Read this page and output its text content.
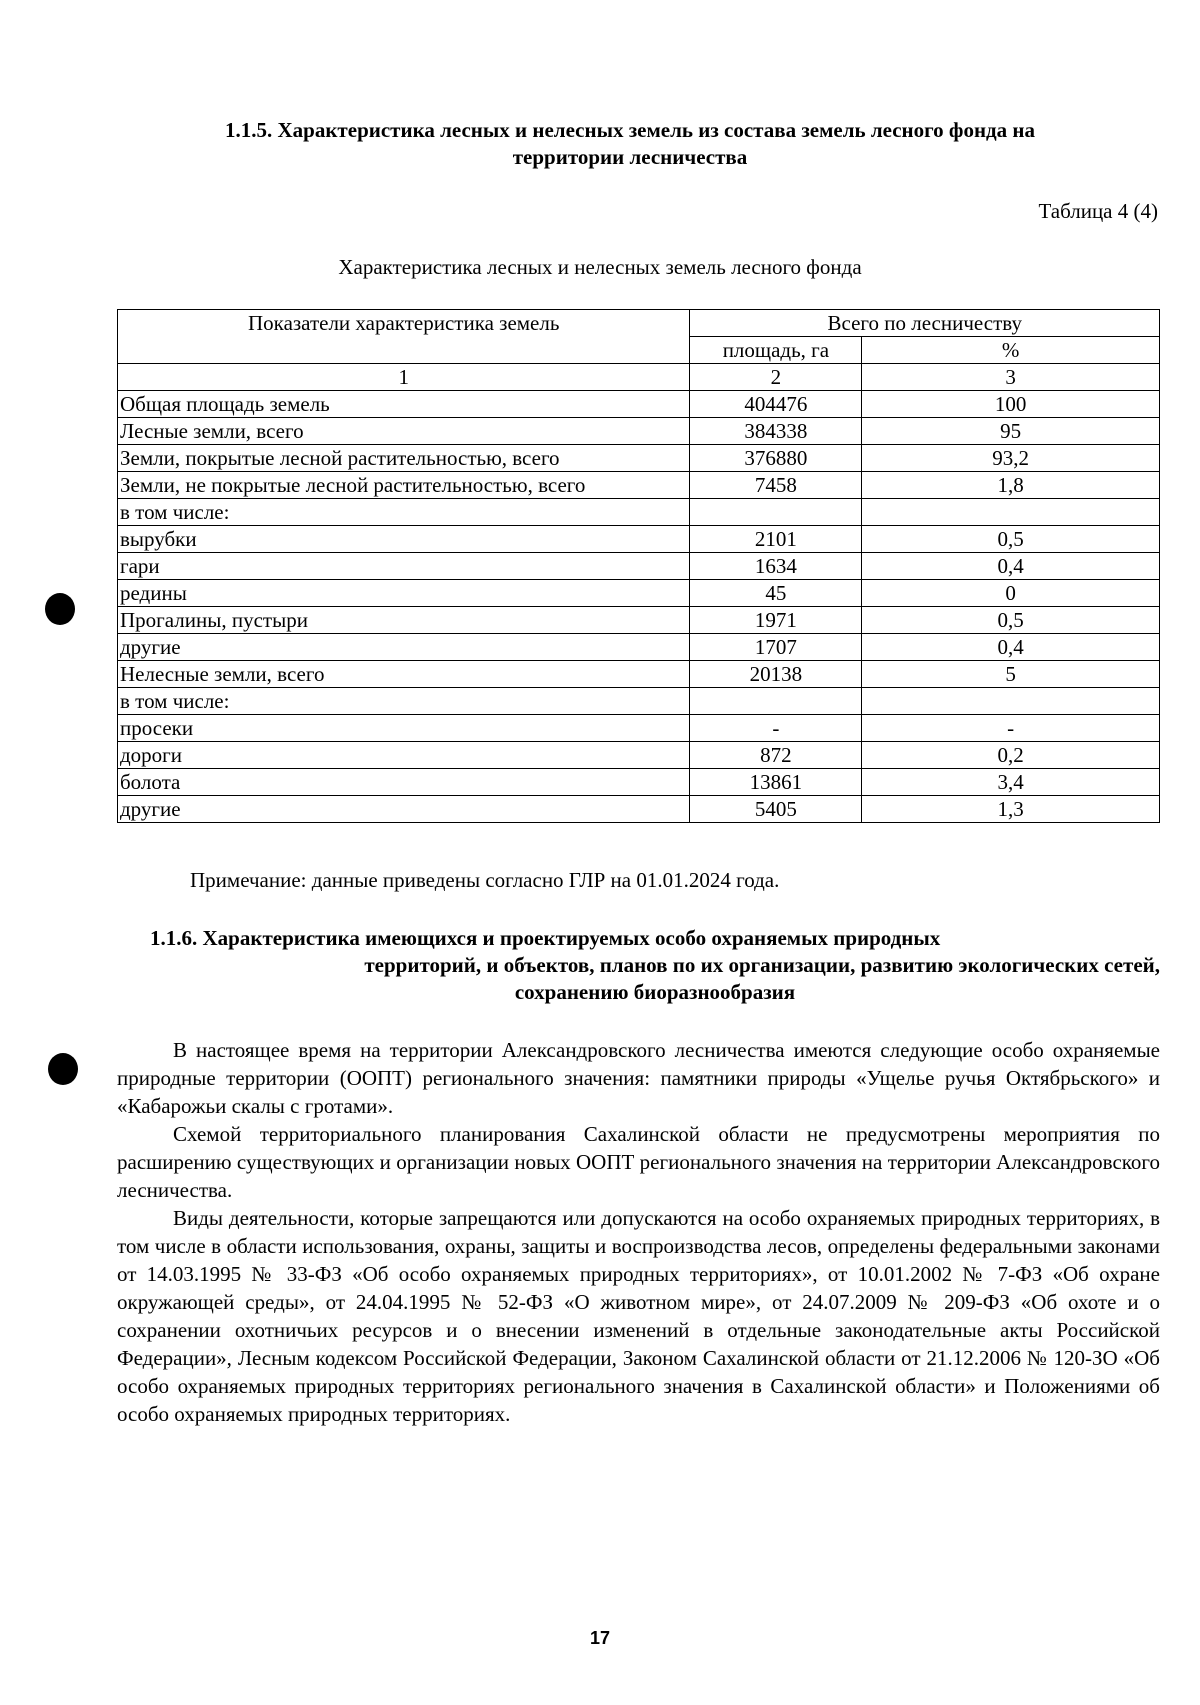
1.1.5. Характеристика лесных и нелесных земель из состава земель лесного фонда на
территории лесничества
Таблица 4 (4)
Характеристика лесных и нелесных земель лесного фонда
Показатели характеристика земель	Всего по лесничеству	
	площадь, га	%
1	2	3
Общая площадь земель	404476	100
Лесные земли, всего	384338	95
Земли, покрытые лесной растительностью, всего	376880	93,2
Земли, не покрытые лесной растительностью, всего	7458	1,8
в том числе:		
вырубки	2101	0,5
гари	1634	0,4
редины	45	0
Прогалины, пустыри	1971	0,5
другие	1707	0,4
Нелесные земли, всего	20138	5
в том числе:		
просеки	-	-
дороги	872	0,2
болота	13861	3,4
другие	5405	1,3
Примечание: данные приведены согласно ГЛР на 01.01.2024 года.
1.1.6. Характеристика имеющихся и проектируемых особо охраняемых природных
территорий, и объектов, планов по их организации, развитию экологических сетей,
сохранению биоразнообразия
В настоящее время на территории Александровского лесничества имеются следующие особо охраняемые природные территории (ООПТ) регионального значения: памятники природы «Ущелье ручья Октябрьского» и «Кабарожьи скалы с гротами».
Схемой территориального планирования Сахалинской области не предусмотрены мероприятия по расширению существующих и организации новых ООПТ регионального значения на территории Александровского лесничества.
Виды деятельности, которые запрещаются или допускаются на особо охраняемых природных территориях, в том числе в области использования, охраны, защиты и воспроизводства лесов, определены федеральными законами от 14.03.1995 № 33-ФЗ «Об особо охраняемых природных территориях», от 10.01.2002 № 7-ФЗ «Об охране окружающей среды», от 24.04.1995 № 52-ФЗ «О животном мире», от 24.07.2009 № 209-ФЗ «Об охоте и о сохранении охотничьих ресурсов и о внесении изменений в отдельные законодательные акты Российской Федерации», Лесным кодексом Российской Федерации, Законом Сахалинской области от 21.12.2006 № 120-ЗО «Об особо охраняемых природных территориях регионального значения в Сахалинской области» и Положениями об особо охраняемых природных территориях.
17
